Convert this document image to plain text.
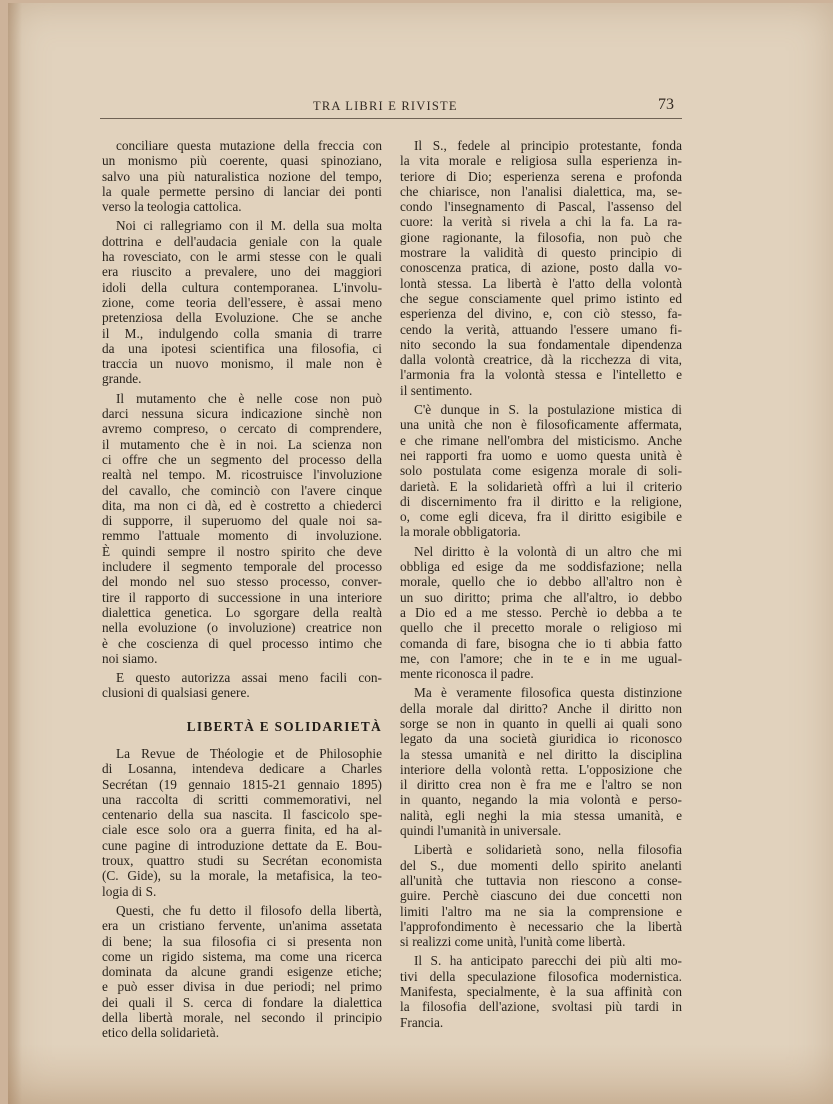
TRA LIBRI E RIVISTE	73
conciliare questa mutazione della freccia con
un monismo più coerente, quasi spinoziano,
salvo una più naturalistica nozione del tempo,
la quale permette persino di lanciar dei ponti
verso la teologia cattolica.
Noi ci rallegriamo con il M. della sua molta
dottrina e dell'audacia geniale con la quale
ha rovesciato, con le armi stesse con le quali
era riuscito a prevalere, uno dei maggiori
idoli della cultura contemporanea. L'involu-
zione, come teoria dell'essere, è assai meno
pretenziosa della Evoluzione. Che se anche
il M., indulgendo colla smania di trarre
da una ipotesi scientifica una filosofia, ci
traccia un nuovo monismo, il male non è
grande.
Il mutamento che è nelle cose non può
darci nessuna sicura indicazione sinchè non
avremo compreso, o cercato di comprendere,
il mutamento che è in noi. La scienza non
ci offre che un segmento del processo della
realtà nel tempo. M. ricostruisce l'involuzione
del cavallo, che cominciò con l'avere cinque
dita, ma non ci dà, ed è costretto a chiederci
di supporre, il superuomo del quale noi sa-
remmo l'attuale momento di involuzione.
È quindi sempre il nostro spirito che deve
includere il segmento temporale del processo
del mondo nel suo stesso processo, conver-
tire il rapporto di successione in una interiore
dialettica genetica. Lo sgorgare della realtà
nella evoluzione (o involuzione) creatrice non
è che coscienza di quel processo intimo che
noi siamo.
E questo autorizza assai meno facili con-
clusioni di qualsiasi genere.
LIBERTÀ E SOLIDARIETÀ
La Revue de Théologie et de Philosophie
di Losanna, intendeva dedicare a Charles
Secrétan (19 gennaio 1815-21 gennaio 1895)
una raccolta di scritti commemorativi, nel
centenario della sua nascita. Il fascicolo spe-
ciale esce solo ora a guerra finita, ed ha al-
cune pagine di introduzione dettate da E. Bou-
troux, quattro studi su Secrétan economista
(C. Gide), su la morale, la metafisica, la teo-
logia di S.
Questi, che fu detto il filosofo della libertà,
era un cristiano fervente, un'anima assetata
di bene; la sua filosofia ci si presenta non
come un rigido sistema, ma come una ricerca
dominata da alcune grandi esigenze etiche;
e può esser divisa in due periodi; nel primo
dei quali il S. cerca di fondare la dialettica
della libertà morale, nel secondo il principio
etico della solidarietà.
Il S., fedele al principio protestante, fonda
la vita morale e religiosa sulla esperienza in-
teriore di Dio; esperienza serena e profonda
che chiarisce, non l'analisi dialettica, ma, se-
condo l'insegnamento di Pascal, l'assenso del
cuore: la verità si rivela a chi la fa. La ra-
gione ragionante, la filosofia, non può che
mostrare la validità di questo principio di
conoscenza pratica, di azione, posto dalla vo-
lontà stessa. La libertà è l'atto della volontà
che segue consciamente quel primo istinto ed
esperienza del divino, e, con ciò stesso, fa-
cendo la verità, attuando l'essere umano fi-
nito secondo la sua fondamentale dipendenza
dalla volontà creatrice, dà la ricchezza di vita,
l'armonia fra la volontà stessa e l'intelletto e
il sentimento.
C'è dunque in S. la postulazione mistica di
una unità che non è filosoficamente affermata,
e che rimane nell'ombra del misticismo. Anche
nei rapporti fra uomo e uomo questa unità è
solo postulata come esigenza morale di soli-
darietà. E la solidarietà offrì a lui il criterio
di discernimento fra il diritto e la religione,
o, come egli diceva, fra il diritto esigibile e
la morale obbligatoria.
Nel diritto è la volontà di un altro che mi
obbliga ed esige da me soddisfazione; nella
morale, quello che io debbo all'altro non è
un suo diritto; prima che all'altro, io debbo
a Dio ed a me stesso. Perchè io debba a te
quello che il precetto morale o religioso mi
comanda di fare, bisogna che io ti abbia fatto
me, con l'amore; che in te e in me ugual-
mente riconosca il padre.
Ma è veramente filosofica questa distinzione
della morale dal diritto? Anche il diritto non
sorge se non in quanto in quelli ai quali sono
legato da una società giuridica io riconosco
la stessa umanità e nel diritto la disciplina
interiore della volontà retta. L'opposizione che
il diritto crea non è fra me e l'altro se non
in quanto, negando la mia volontà e perso-
nalità, egli neghi la mia stessa umanità, e
quindi l'umanità in universale.
Libertà e solidarietà sono, nella filosofia
del S., due momenti dello spirito anelanti
all'unità che tuttavia non riescono a conse-
guire. Perchè ciascuno dei due concetti non
limiti l'altro ma ne sia la comprensione e
l'approfondimento è necessario che la libertà
si realizzi come unità, l'unità come libertà.
Il S. ha anticipato parecchi dei più alti mo-
tivi della speculazione filosofica modernistica.
Manifesta, specialmente, è la sua affinità con
la filosofia dell'azione, svoltasi più tardi in
Francia.
